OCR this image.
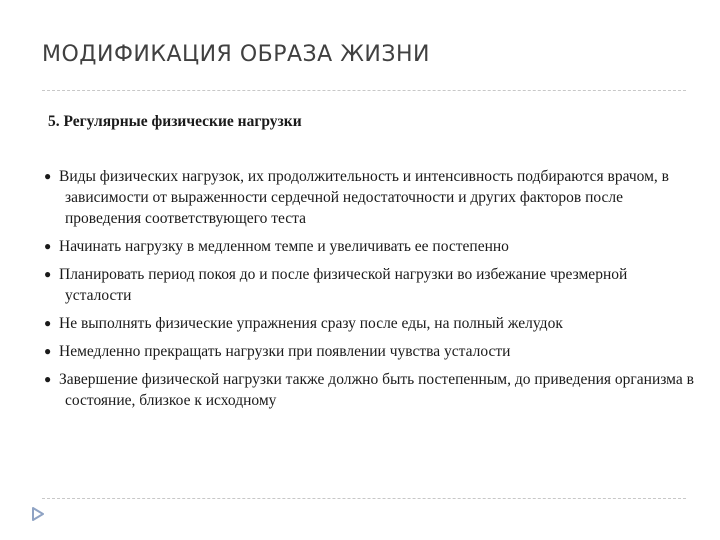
МОДИФИКАЦИЯ ОБРАЗА ЖИЗНИ
5. Регулярные физические нагрузки
● Виды физических нагрузок, их продолжительность и интенсивность подбираются врачом, в зависимости от выраженности сердечной недостаточности и других факторов после проведения соответствующего теста
● Начинать нагрузку в медленном темпе и увеличивать ее постепенно
● Планировать период покоя до и после физической нагрузки во избежание чрезмерной усталости
● Не выполнять физические упражнения сразу после еды, на полный желудок
● Немедленно прекращать нагрузки при появлении чувства усталости
● Завершение физической нагрузки также должно быть постепенным, до приведения организма в состояние, близкое к исходному
